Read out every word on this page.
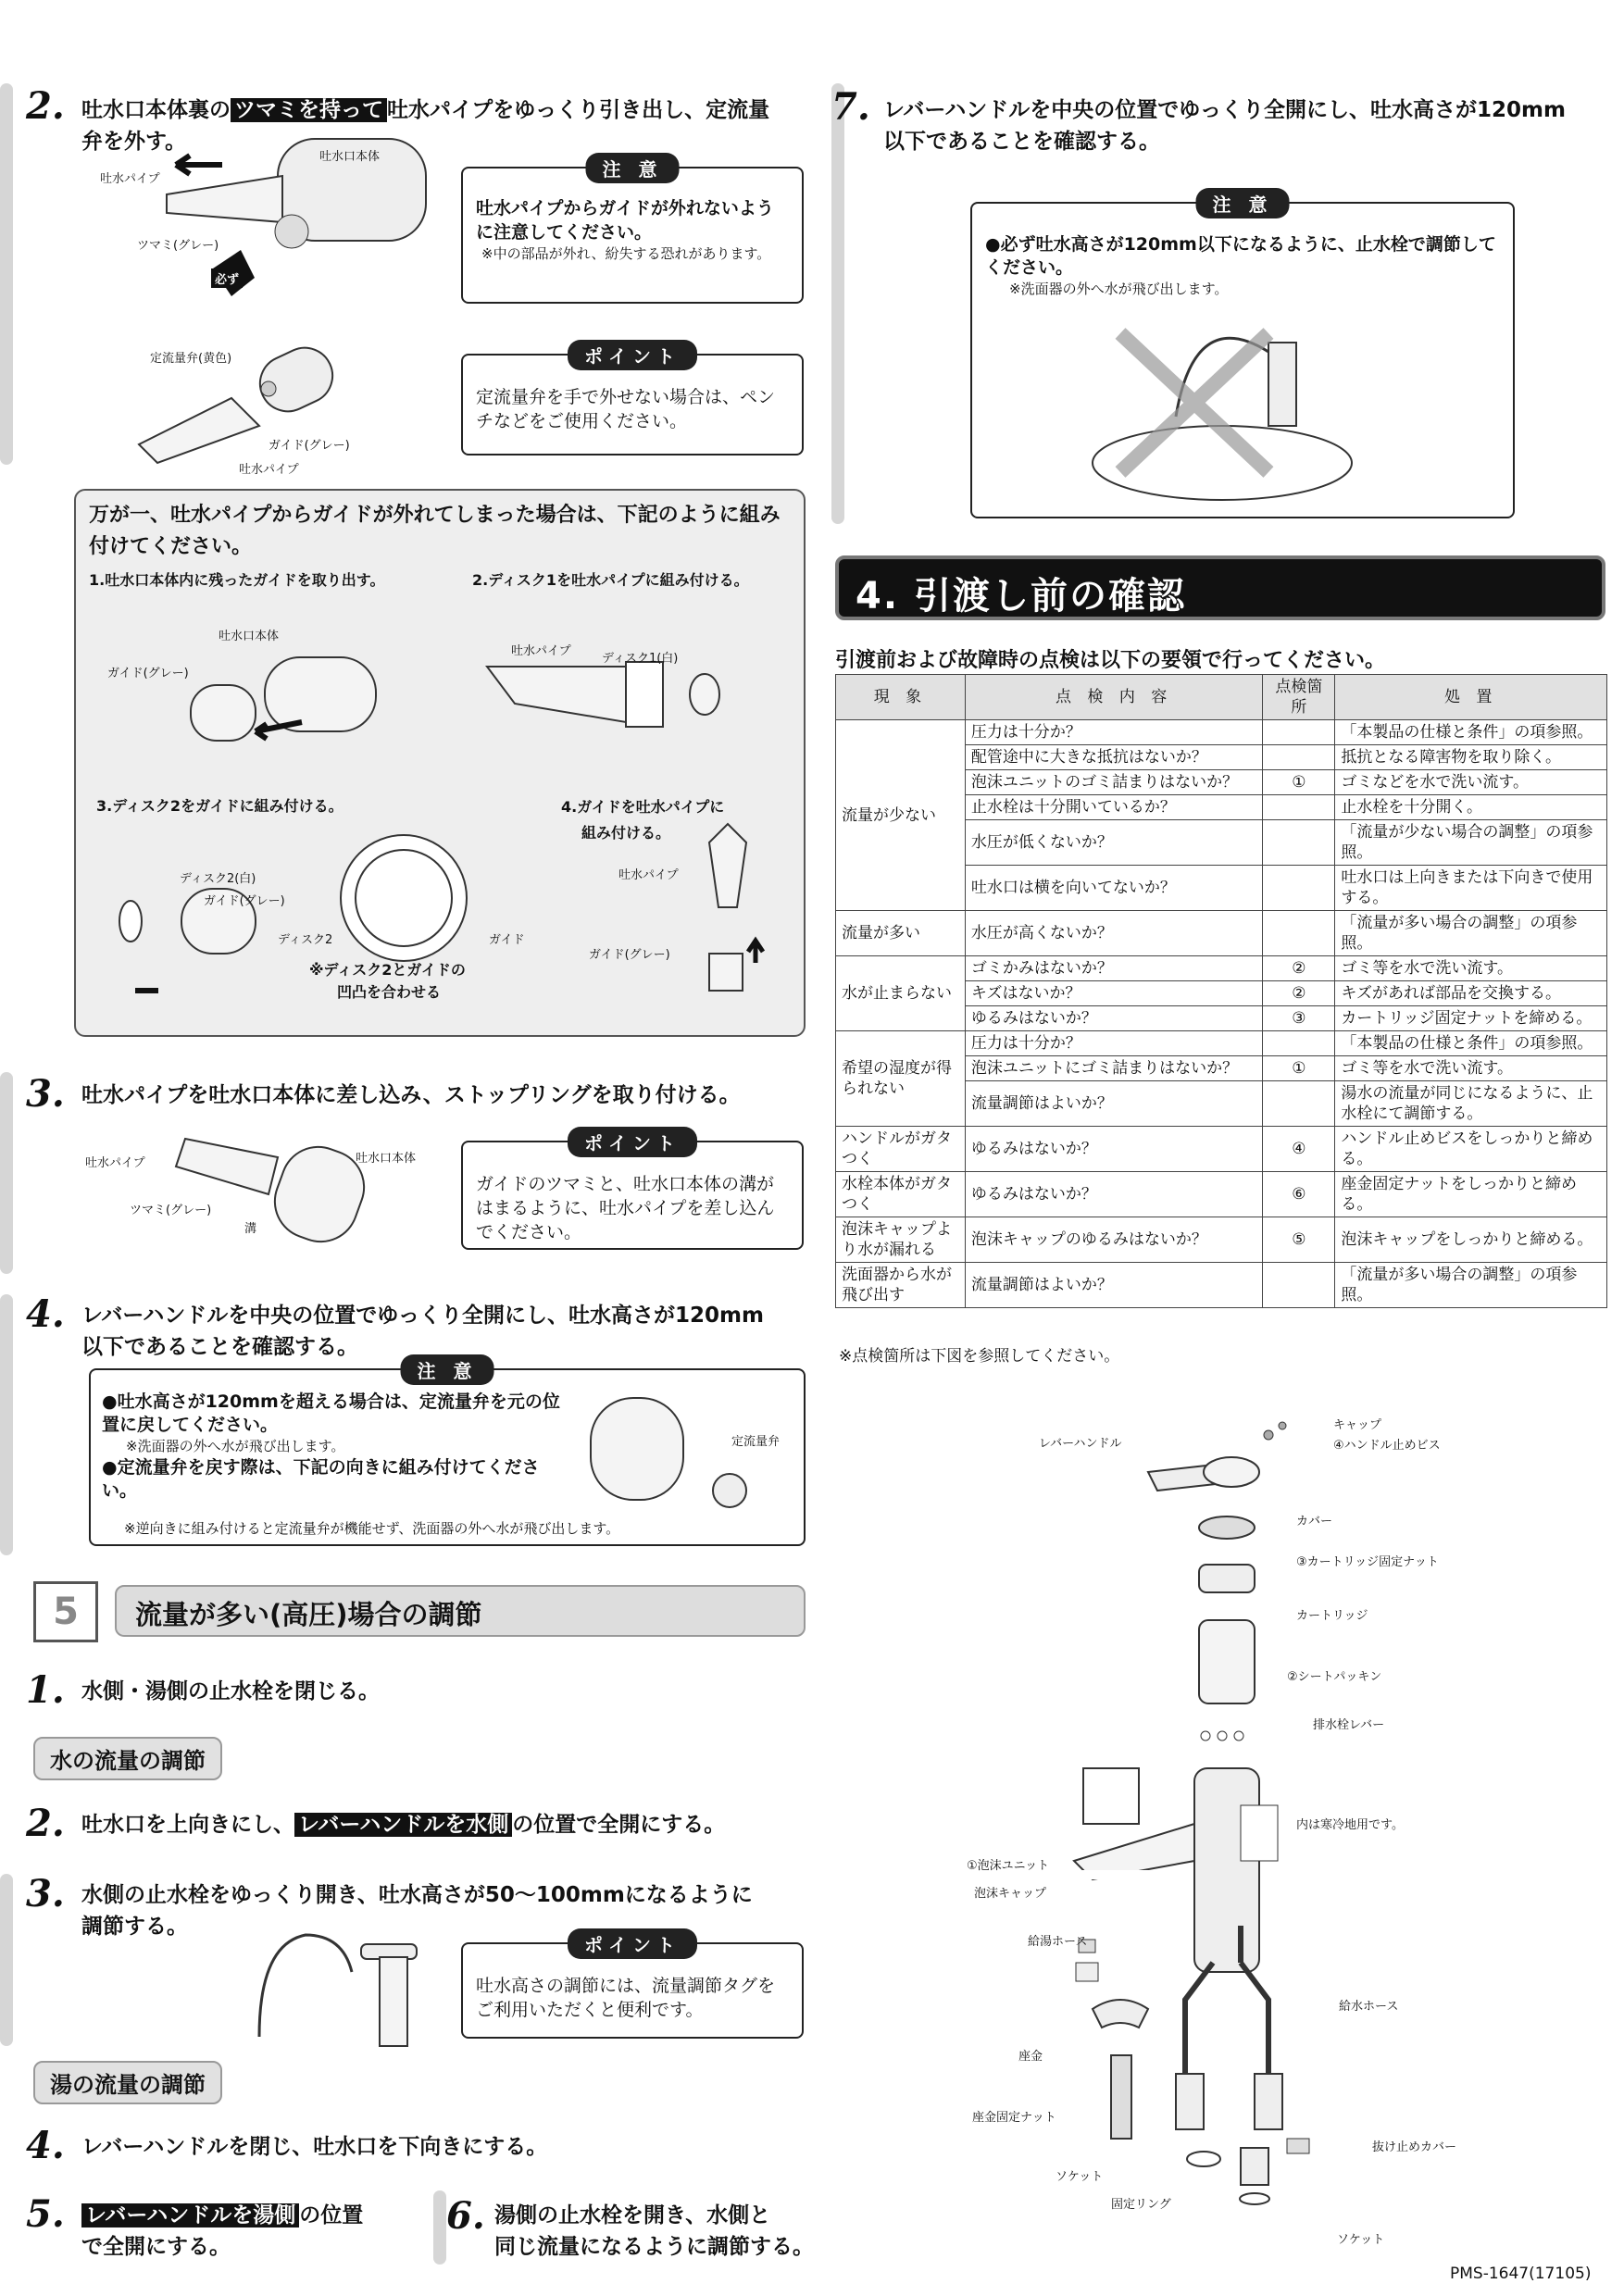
2. 吐水口本体裏の ツマミを持って 吐水パイプをゆっくり引き出し、定流量
弁を外す。
吐水口本体
吐水パイプ
ツマミ(グレー)
必ず
定流量弁(黄色)
ガイド(グレー)
吐水パイプ
注 意
吐水パイプからガイドが外れないように注意してください。
※中の部品が外れ、紛失する恐れがあります。
ポイント
定流量弁を手で外せない場合は、ペンチなどをご使用ください。
万が一、吐水パイプからガイドが外れてしまった場合は、下記のように組み付けてください。
1.吐水口本体内に残ったガイドを取り出す。	2.ディスク1を吐水パイプに組み付ける。
3.ディスク2をガイドに組み付ける。	4.ガイドを吐水パイプに
組み付ける。
吐水口本体
ガイド(グレー)
吐水パイプ
ディスク1(白)
ディスク2(白)
ガイド(グレー)
ディスク2	ガイド
吐水パイプ
ガイド(グレー)
※ディスク2とガイドの
凹凸を合わせる
3. 吐水パイプを吐水口本体に差し込み、ストップリングを取り付ける。
吐水パイプ	吐水口本体
ツマミ(グレー)
溝
ポイント
ガイドのツマミと、吐水口本体の溝がはまるように、吐水パイプを差し込んでください。
4. レバーハンドルを中央の位置でゆっくり全開にし、吐水高さが120mm
以下であることを確認する。
注 意
●吐水高さが120mmを超える場合は、定流量弁を元の位置に戻してください。
※洗面器の外へ水が飛び出します。
●定流量弁を戻す際は、下記の向きに組み付けてください。
※逆向きに組み付けると定流量弁が機能せず、洗面器の外へ水が飛び出します。
定流量弁
5	流量が多い(高圧)場合の調節
1. 水側・湯側の止水栓を閉じる。
水の流量の調節
2. 吐水口を上向きにし、 レバーハンドルを水側 の位置で全開にする。
3. 水側の止水栓をゆっくり開き、吐水高さが50〜100mmになるように
調節する。
ポイント
吐水高さの調節には、流量調節タグをご利用いただくと便利です。
湯の流量の調節
4. レバーハンドルを閉じ、吐水口を下向きにする。
5. レバーハンドルを湯側 の位置
で全開にする。
6. 湯側の止水栓を開き、水側と
同じ流量になるように調節する。
7. レバーハンドルを中央の位置でゆっくり全開にし、吐水高さが120mm
以下であることを確認する。
注 意
●必ず吐水高さが120mm以下になるように、止水栓で調節してください。
※洗面器の外へ水が飛び出します。
4. 引渡し前の確認
引渡前および故障時の点検は以下の要領で行ってください。
現 象	点 検 内 容	点検箇所	処 置
流量が少ない	圧力は十分か？		「本製品の仕様と条件」の項参照。
	配管途中に大きな抵抗はないか？		抵抗となる障害物を取り除く。
	泡沫ユニットのゴミ詰まりはないか？	①	ゴミなどを水で洗い流す。
	止水栓は十分開いているか？		止水栓を十分開く。
	水圧が低くないか？		「流量が少ない場合の調整」の項参照。
	吐水口は横を向いてないか？		吐水口は上向きまたは下向きで使用する。
流量が多い	水圧が高くないか？		「流量が多い場合の調整」の項参照。
水が止まらない	ゴミかみはないか？	②	ゴミ等を水で洗い流す。
	キズはないか？	②	キズがあれば部品を交換する。
	ゆるみはないか？	③	カートリッジ固定ナットを締める。
希望の湿度が得られない	圧力は十分か？		「本製品の仕様と条件」の項参照。
	泡沫ユニットにゴミ詰まりはないか？	①	ゴミ等を水で洗い流す。
	流量調節はよいか？		湯水の流量が同じになるように、止水栓にて調節する。
ハンドルがガタつく	ゆるみはないか？	④	ハンドル止めビスをしっかりと締める。
水栓本体がガタつく	ゆるみはないか？	⑥	座金固定ナットをしっかりと締める。
泡沫キャップより水が漏れる	泡沫キャップのゆるみはないか？	⑤	泡沫キャップをしっかりと締める。
洗面器から水が飛び出す	流量調節はよいか？		「流量が多い場合の調整」の項参照。
※点検箇所は下図を参照してください。
レバーハンドル
キャップ
④ハンドル止めビス
カバー
③カートリッジ固定ナット
カートリッジ
②シートパッキン
排水栓レバー
内は寒冷地用です。
①泡沫ユニット
泡沫キャップ
給湯ホース
給水ホース
座金
座金固定ナット
ソケット
固定リング
抜け止めカバー
ソケット
PMS-1647(17105)
